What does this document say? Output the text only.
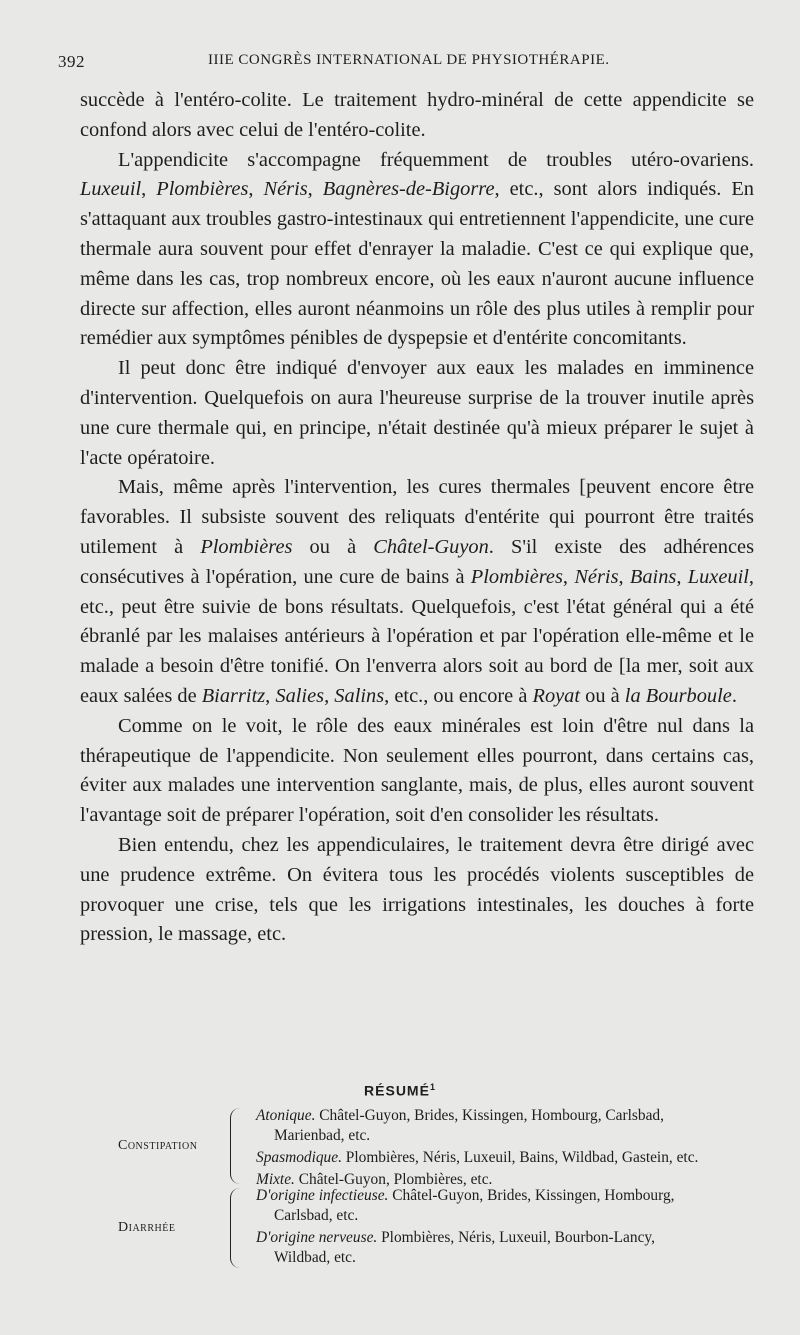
392	IIIE CONGRÈS INTERNATIONAL DE PHYSIOTHÉRAPIE.

succède à l'entéro-colite. Le traitement hydro-minéral de cette appendicite se confond alors avec celui de l'entéro-colite.

L'appendicite s'accompagne fréquemment de troubles utéro-ovariens. Luxeuil, Plombières, Néris, Bagnères-de-Bigorre, etc., sont alors indiqués. En s'attaquant aux troubles gastro-intestinaux qui entretiennent l'appendicite, une cure thermale aura souvent pour effet d'enrayer la maladie. C'est ce qui explique que, même dans les cas, trop nombreux encore, où les eaux n'auront aucune influence directe sur affection, elles auront néanmoins un rôle des plus utiles à remplir pour remédier aux symptômes pénibles de dyspepsie et d'entérite concomitants.

Il peut donc être indiqué d'envoyer aux eaux les malades en imminence d'intervention. Quelquefois on aura l'heureuse surprise de la trouver inutile après une cure thermale qui, en principe, n'était destinée qu'à mieux préparer le sujet à l'acte opératoire.

Mais, même après l'intervention, les cures thermales [peuvent encore être favorables. Il subsiste souvent des reliquats d'entérite qui pourront être traités utilement à Plombières ou à Châtel-Guyon. S'il existe des adhérences consécutives à l'opération, une cure de bains à Plombières, Néris, Bains, Luxeuil, etc., peut être suivie de bons résultats. Quelquefois, c'est l'état général qui a été ébranlé par les malaises antérieurs à l'opération et par l'opération elle-même et le malade a besoin d'être tonifié. On l'enverra alors soit au bord de [la mer, soit aux eaux salées de Biarritz, Salies, Salins, etc., ou encore à Royat ou à la Bourboule.

Comme on le voit, le rôle des eaux minérales est loin d'être nul dans la thérapeutique de l'appendicite. Non seulement elles pourront, dans certains cas, éviter aux malades une intervention sanglante, mais, de plus, elles auront souvent l'avantage soit de préparer l'opération, soit d'en consolider les résultats.

Bien entendu, chez les appendiculaires, le traitement devra être dirigé avec une prudence extrême. On évitera tous les procédés violents susceptibles de provoquer une crise, tels que les irrigations intestinales, les douches à forte pression, le massage, etc.

RÉSUMÉ$^1$
Constipation
Atonique. Châtel-Guyon, Brides, Kissingen, Hombourg, Carlsbad,
Marienbad, etc.
Spasmodique. Plombières, Néris, Luxeuil, Bains, Wildbad, Gastein, etc.
Mixte. Châtel-Guyon, Plombières, etc.
Diarrhée
D'origine infectieuse. Châtel-Guyon, Brides, Kissingen, Hombourg,
Carlsbad, etc.
D'origine nerveuse. Plombières, Néris, Luxeuil, Bourbon-Lancy,
Wildbad, etc.
